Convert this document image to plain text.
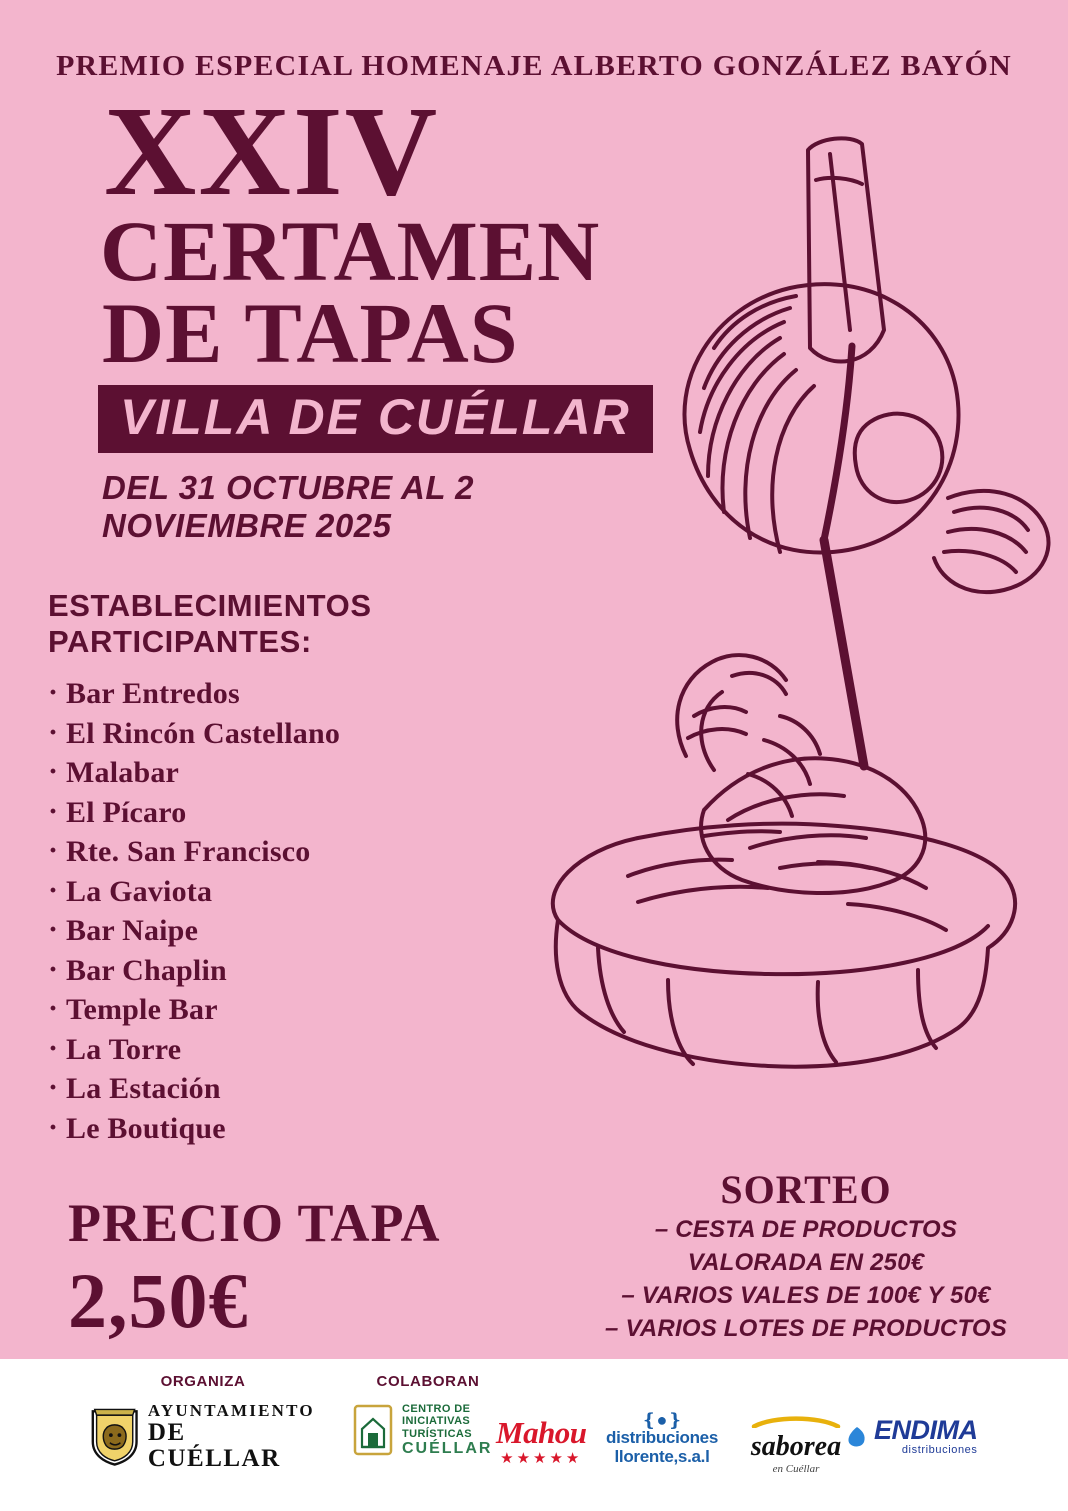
PREMIO ESPECIAL HOMENAJE ALBERTO GONZÁLEZ BAYÓN
XXIV
CERTAMEN
DE TAPAS
VILLA DE CUÉLLAR
DEL 31 OCTUBRE AL 2 NOVIEMBRE 2025
ESTABLECIMIENTOS PARTICIPANTES:
· Bar Entredos
· El Rincón Castellano
· Malabar
· El Pícaro
· Rte. San Francisco
· La Gaviota
· Bar Naipe
· Bar Chaplin
· Temple Bar
· La Torre
· La Estación
· Le Boutique
PRECIO TAPA
2,50€
SORTEO
– CESTA DE PRODUCTOS
VALORADA EN 250€
– VARIOS VALES DE 100€ Y 50€
– VARIOS LOTES DE PRODUCTOS
ORGANIZA
AYUNTAMIENTO
DE CUÉLLAR
COLABORAN
CENTRO DE
INICIATIVAS
TURÍSTICAS
CUÉLLAR Mahou
★★★★★
❴●❵
distribuciones
llorente,s.a.l	saborea
en Cuéllar
ENDIMA
distribuciones
